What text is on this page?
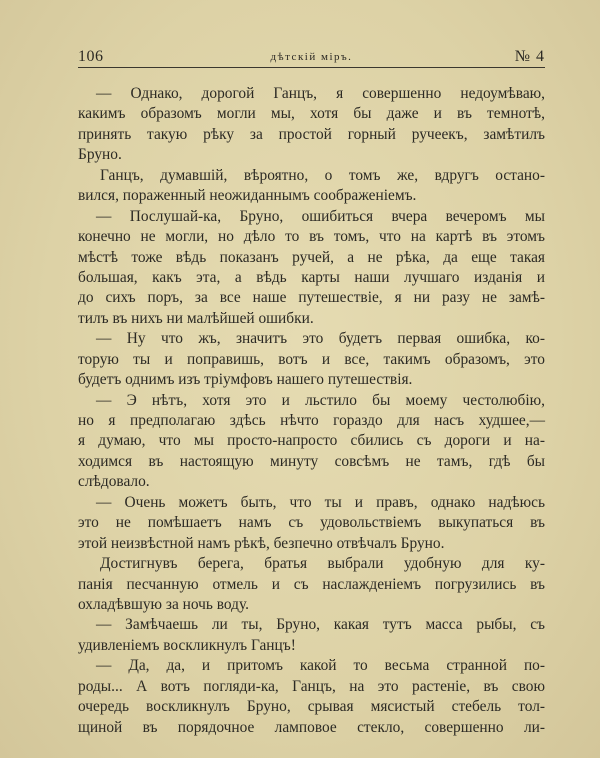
106	дѣтскій міръ.	№ 4
— Однако, дорогой Ганцъ, я совершенно недоумѣваю,
какимъ образомъ могли мы, хотя бы даже и въ темнотѣ,
принять такую рѣку за простой горный ручеекъ, замѣтилъ
Бруно.
Ганцъ, думавшій, вѣроятно, о томъ же, вдругъ остано-
вился, пораженный неожиданнымъ соображеніемъ.
— Послушай-ка, Бруно, ошибиться вчера вечеромъ мы
конечно не могли, но дѣло то въ томъ, что на картѣ въ этомъ
мѣстѣ тоже вѣдь показанъ ручей, а не рѣка, да еще такая
большая, какъ эта, а вѣдь карты наши лучшаго изданія и
до сихъ поръ, за все наше путешествіе, я ни разу не замѣ-
тилъ въ нихъ ни малѣйшей ошибки.
— Ну что жъ, значитъ это будетъ первая ошибка, ко-
торую ты и поправишь, вотъ и все, такимъ образомъ, это
будетъ однимъ изъ тріумфовъ нашего путешествія.
— Э нѣтъ, хотя это и льстило бы моему честолюбію,
но я предполагаю здѣсь нѣчто гораздо для насъ худшее,—
я думаю, что мы просто-напросто сбились съ дороги и на-
ходимся въ настоящую минуту совсѣмъ не тамъ, гдѣ бы
слѣдовало.
— Очень можетъ быть, что ты и правъ, однако надѣюсь
это не помѣшаетъ намъ съ удовольствіемъ выкупаться въ
этой неизвѣстной намъ рѣкѣ, безпечно отвѣчалъ Бруно.
Достигнувъ берега, братья выбрали удобную для ку-
панія песчанную отмель и съ наслажденіемъ погрузились въ
охладѣвшую за ночь воду.
— Замѣчаешь ли ты, Бруно, какая тутъ масса рыбы, съ
удивленіемъ воскликнулъ Ганцъ!
— Да, да, и притомъ какой то весьма странной по-
роды... А вотъ погляди-ка, Ганцъ, на это растеніе, въ свою
очередь воскликнулъ Бруно, срывая мясистый стебель тол-
щиной въ порядочное ламповое стекло, совершенно ли-
